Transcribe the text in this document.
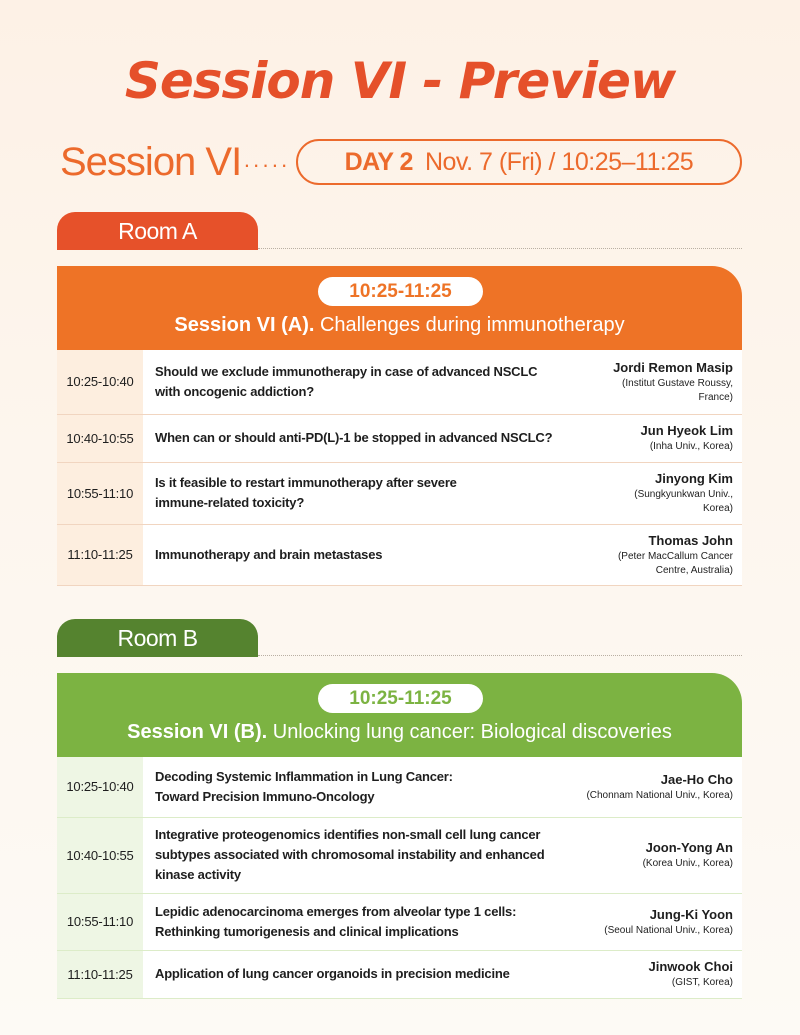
Session VI - Preview
Session VI ····· DAY 2 Nov. 7 (Fri) / 10:25–11:25
Room A
10:25-11:25
Session VI (A). Challenges during immunotherapy
10:25-10:40	Should we exclude immunotherapy in case of advanced NSCLC
with oncogenic addiction?	Jordi Remon Masip
(Institut Gustave Roussy,
France)

10:40-10:55	When can or should anti-PD(L)-1 be stopped in advanced NSCLC?	Jun Hyeok Lim
(Inha Univ., Korea)

10:55-11:10	Is it feasible to restart immunotherapy after severe
immune-related toxicity?	Jinyong Kim
(Sungkyunkwan Univ.,
Korea)

11:10-11:25	Immunotherapy and brain metastases	Thomas John
(Peter MacCallum Cancer
Centre, Australia)
Room B
10:25-11:25
Session VI (B). Unlocking lung cancer: Biological discoveries
10:25-10:40	Decoding Systemic Inflammation in Lung Cancer:
Toward Precision Immuno-Oncology	Jae-Ho Cho
(Chonnam National Univ., Korea)

10:40-10:55	Integrative proteogenomics identifies non-small cell lung cancer
subtypes associated with chromosomal instability and enhanced
kinase activity	Joon-Yong An
(Korea Univ., Korea)

10:55-11:10	Lepidic adenocarcinoma emerges from alveolar type 1 cells:
Rethinking tumorigenesis and clinical implications	Jung-Ki Yoon
(Seoul National Univ., Korea)

11:10-11:25	Application of lung cancer organoids in precision medicine	Jinwook Choi
(GIST, Korea)
